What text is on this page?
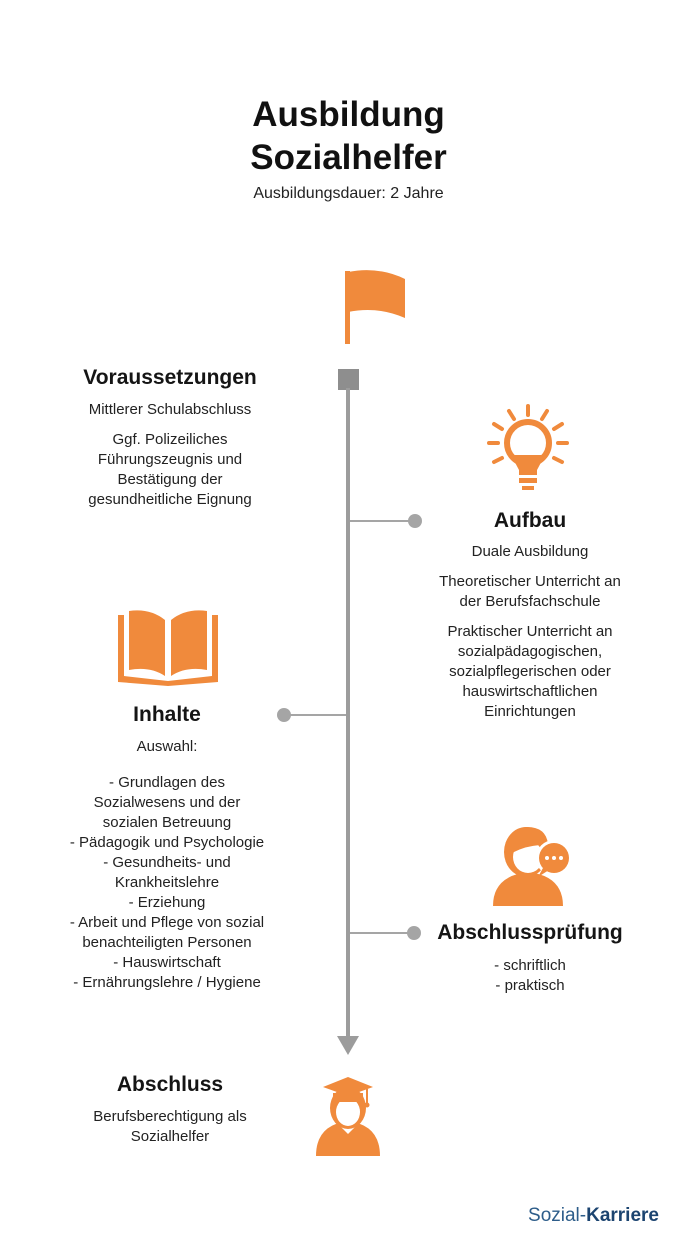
Ausbildung
Sozialhelfer
Ausbildungsdauer: 2 Jahre
Voraussetzungen
Mittlerer Schulabschluss
Ggf. Polizeiliches
Führungszeugnis und
Bestätigung der
gesundheitliche Eignung
Aufbau
Duale Ausbildung
Theoretischer Unterricht an
der Berufsfachschule
Praktischer Unterricht an
sozialpädagogischen,
sozialpflegerischen oder
hauswirtschaftlichen
Einrichtungen
Inhalte
Auswahl:
- Grundlagen des
Sozialwesens und der
sozialen Betreuung
- Pädagogik und Psychologie
- Gesundheits- und
Krankheitslehre
- Erziehung
- Arbeit und Pflege von sozial
benachteiligten Personen
- Hauswirtschaft
- Ernährungslehre / Hygiene
Abschlussprüfung
- schriftlich
- praktisch
Abschluss
Berufsberechtigung als
Sozialhelfer
Sozial-Karriere
